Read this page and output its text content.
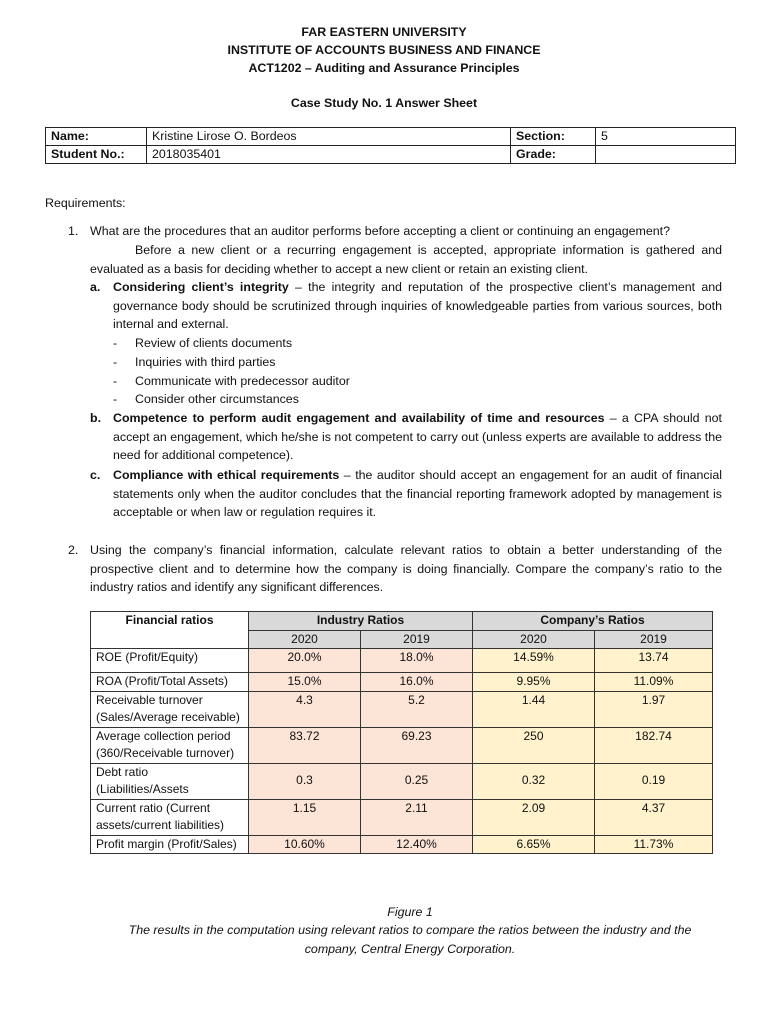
FAR EASTERN UNIVERSITY
INSTITUTE OF ACCOUNTS BUSINESS AND FINANCE
ACT1202 – Auditing and Assurance Principles
Case Study No. 1 Answer Sheet
Name:	Kristine Lirose O. Bordeos	Section:	5
Student No.:	2018035401	Grade:	
Requirements:
1. What are the procedures that an auditor performs before accepting a client or continuing an engagement?
Before a new client or a recurring engagement is accepted, appropriate information is gathered and evaluated as a basis for deciding whether to accept a new client or retain an existing client.
a. Considering client’s integrity – the integrity and reputation of the prospective client’s management and governance body should be scrutinized through inquiries of knowledgeable parties from various sources, both internal and external.
- Review of clients documents
- Inquiries with third parties
- Communicate with predecessor auditor
- Consider other circumstances
b. Competence to perform audit engagement and availability of time and resources – a CPA should not accept an engagement, which he/she is not competent to carry out (unless experts are available to address the need for additional competence).
c. Compliance with ethical requirements – the auditor should accept an engagement for an audit of financial statements only when the auditor concludes that the financial reporting framework adopted by management is acceptable or when law or regulation requires it.
2. Using the company’s financial information, calculate relevant ratios to obtain a better understanding of the prospective client and to determine how the company is doing financially. Compare the company’s ratio to the industry ratios and identify any significant differences.
Financial ratios	Industry Ratios		Company’s Ratios	
	2020	2019	2020	2019
ROE (Profit/Equity)	20.0%	18.0%	14.59%	13.74
ROA (Profit/Total Assets)	15.0%	16.0%	9.95%	11.09%
Receivable turnover (Sales/Average receivable)	4.3	5.2	1.44	1.97
Average collection period (360/Receivable turnover)	83.72	69.23	250	182.74
Debt ratio (Liabilities/Assets	0.3	0.25	0.32	0.19
Current ratio (Current assets/current liabilities)	1.15	2.11	2.09	4.37
Profit margin (Profit/Sales)	10.60%	12.40%	6.65%	11.73%
Figure 1
The results in the computation using relevant ratios to compare the ratios between the industry and the company, Central Energy Corporation.
